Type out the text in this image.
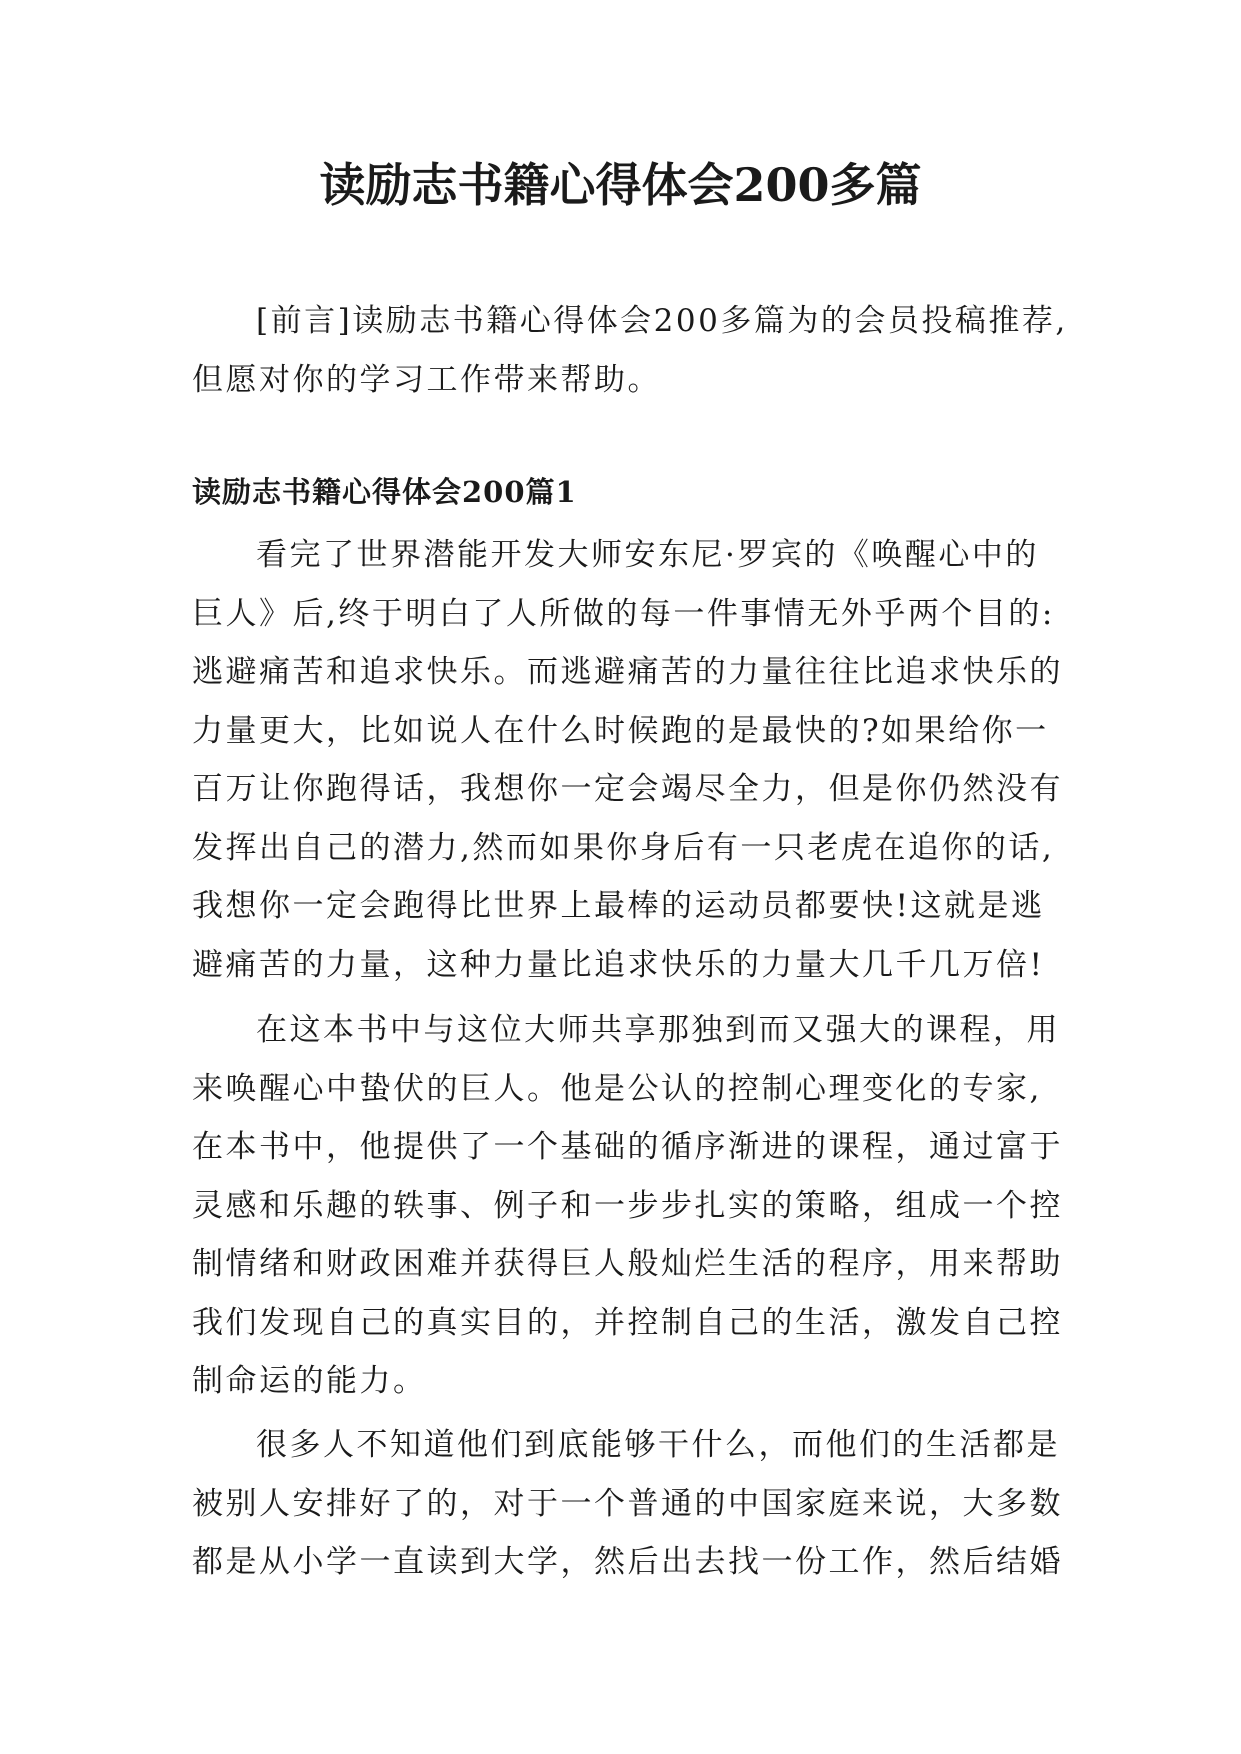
读励志书籍心得体会200多篇

[前言]读励志书籍心得体会200多篇为的会员投稿推荐,
但愿对你的学习工作带来帮助。

读励志书籍心得体会200篇1

看完了世界潜能开发大师安东尼·罗宾的《唤醒心中的
巨人》后,终于明白了人所做的每一件事情无外乎两个目的:
逃避痛苦和追求快乐。而逃避痛苦的力量往往比追求快乐的
力量更大，比如说人在什么时候跑的是最快的?如果给你一
百万让你跑得话，我想你一定会竭尽全力，但是你仍然没有
发挥出自己的潜力,然而如果你身后有一只老虎在追你的话,
我想你一定会跑得比世界上最棒的运动员都要快!这就是逃
避痛苦的力量，这种力量比追求快乐的力量大几千几万倍!

在这本书中与这位大师共享那独到而又强大的课程，用
来唤醒心中蛰伏的巨人。他是公认的控制心理变化的专家,
在本书中，他提供了一个基础的循序渐进的课程，通过富于
灵感和乐趣的轶事、例子和一步步扎实的策略，组成一个控
制情绪和财政困难并获得巨人般灿烂生活的程序，用来帮助
我们发现自己的真实目的，并控制自己的生活，激发自己控
制命运的能力。

很多人不知道他们到底能够干什么，而他们的生活都是
被别人安排好了的，对于一个普通的中国家庭来说，大多数
都是从小学一直读到大学，然后出去找一份工作，然后结婚
